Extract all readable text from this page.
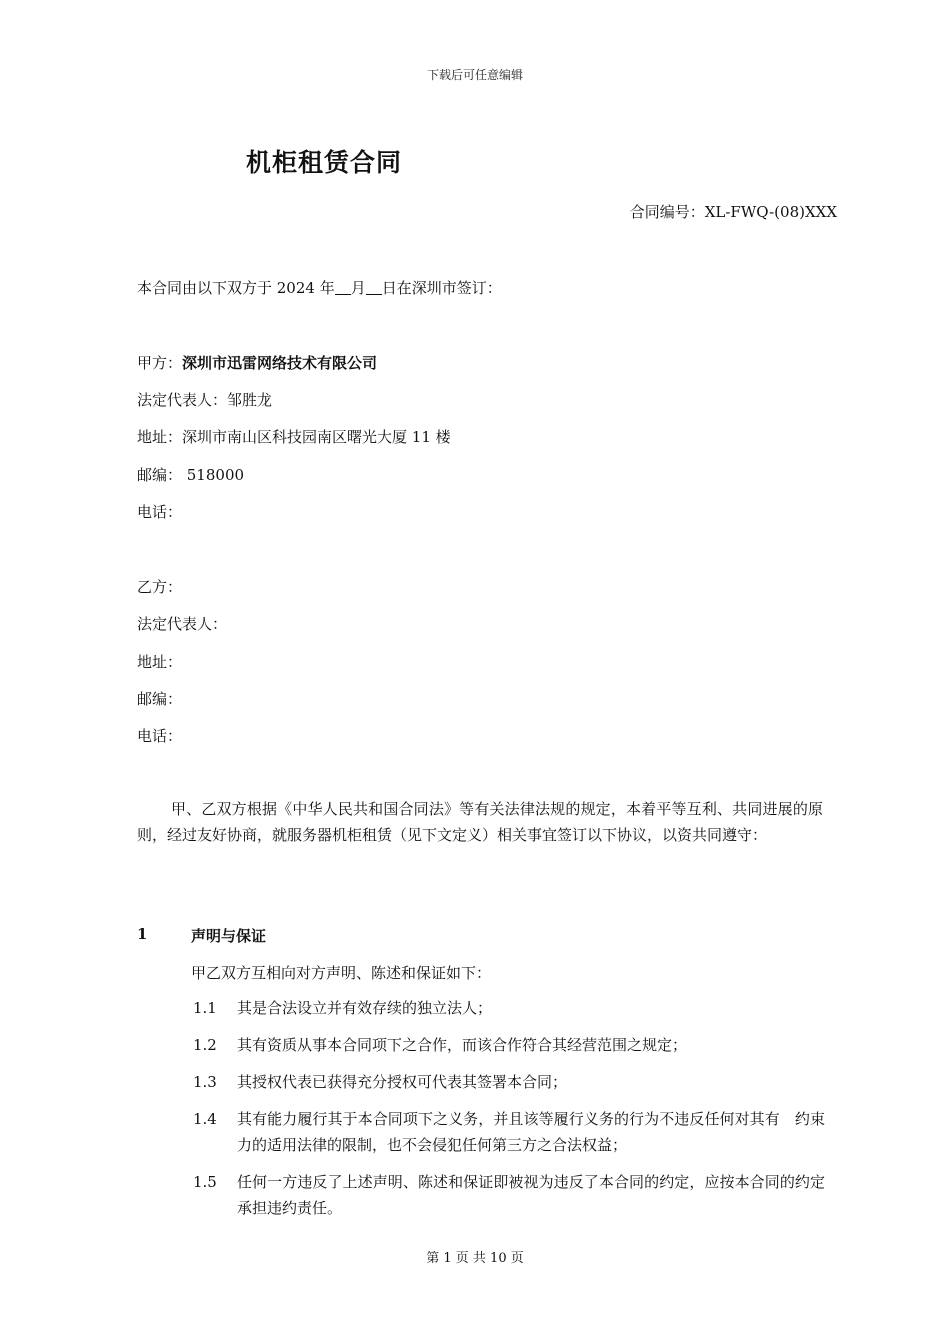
下载后可任意编辑
机柜租赁合同
合同编号：XL-FWQ-(08)XXX
本合同由以下双方于 2024 年 月 日在深圳市签订：
甲方：深圳市迅雷网络技术有限公司
法定代表人：邹胜龙
地址：深圳市南山区科技园南区曙光大厦 11 楼
邮编： 518000
电话：
乙方：
法定代表人：
地址：
邮编：
电话：
甲、乙双方根据《中华人民共和国合同法》等有关法律法规的规定，本着平等互利、共同进展的原则，经过友好协商，就服务器机柜租赁（见下文定义）相关事宜签订以下协议，以资共同遵守：
1	声明与保证
甲乙双方互相向对方声明、陈述和保证如下：
1.1	其是合法设立并有效存续的独立法人；
1.2	其有资质从事本合同项下之合作，而该合作符合其经营范围之规定；
1.3	其授权代表已获得充分授权可代表其签署本合同；
1.4	其有能力履行其于本合同项下之义务，并且该等履行义务的行为不违反任何对其有　约束力的适用法律的限制，也不会侵犯任何第三方之合法权益；
1.5	任何一方违反了上述声明、陈述和保证即被视为违反了本合同的约定，应按本合同的约定承担违约责任。
第 1 页 共 10 页
